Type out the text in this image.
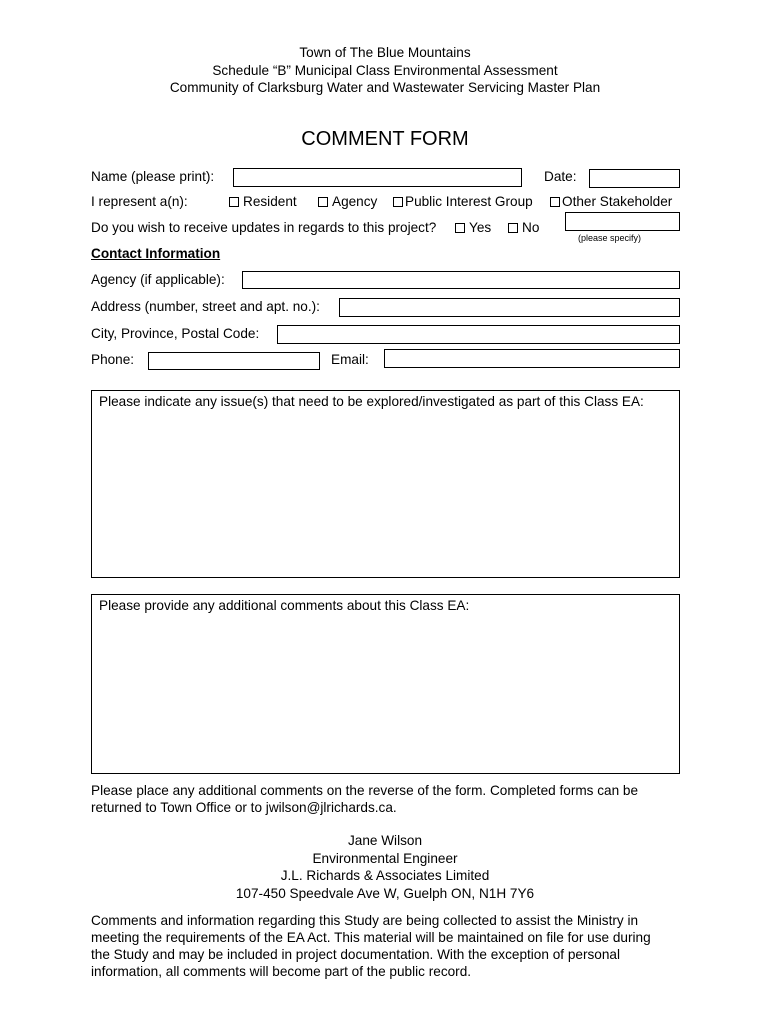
Town of The Blue Mountains
Schedule “B” Municipal Class Environmental Assessment
Community of Clarksburg Water and Wastewater Servicing Master Plan
COMMENT FORM
Name (please print):	Date:
I represent a(n):	Resident	Agency	Public Interest Group	Other Stakeholder
(please specify)
Do you wish to receive updates in regards to this project?	Yes	No
Contact Information
Agency (if applicable):
Address (number, street and apt. no.):
City, Province, Postal Code:
Phone:	Email:
Please indicate any issue(s) that need to be explored/investigated as part of this Class EA:
Please provide any additional comments about this Class EA:
Please place any additional comments on the reverse of the form. Completed forms can be
returned to Town Office or to jwilson@jlrichards.ca.
Jane Wilson
Environmental Engineer
J.L. Richards & Associates Limited
107-450 Speedvale Ave W, Guelph ON, N1H 7Y6
Comments and information regarding this Study are being collected to assist the Ministry in
meeting the requirements of the EA Act. This material will be maintained on file for use during
the Study and may be included in project documentation. With the exception of personal
information, all comments will become part of the public record.
